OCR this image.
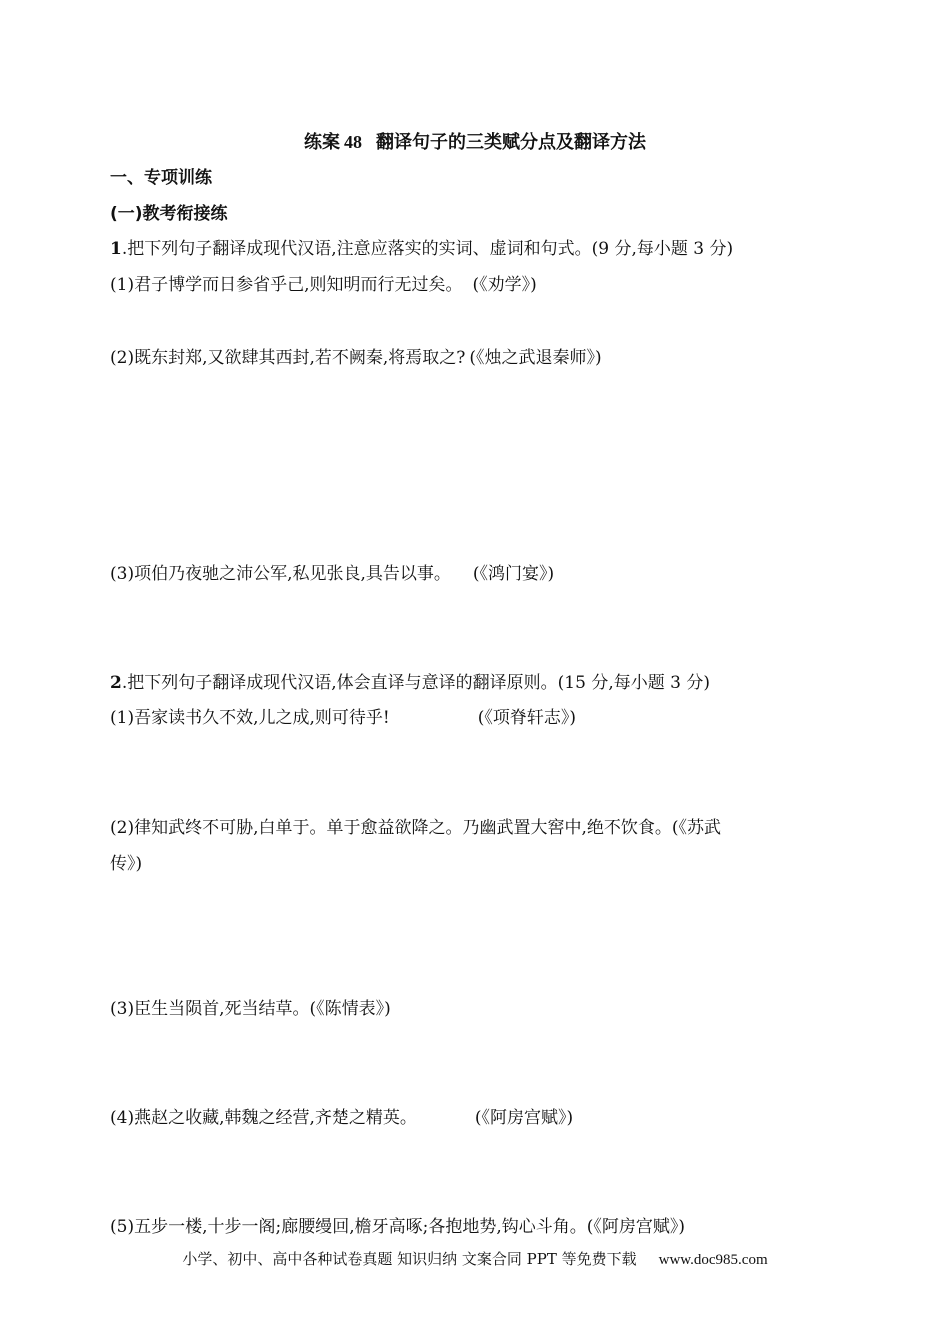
练案 48 翻译句子的三类赋分点及翻译方法
一、专项训练
(一)教考衔接练
1.把下列句子翻译成现代汉语,注意应落实的实词、虚词和句式。(9 分,每小题 3 分)
(1)君子博学而日参省乎己,则知明而行无过矣。 (《劝学》)
(2)既东封郑,又欲肆其西封,若不阙秦,将焉取之? (《烛之武退秦师》)
(3)项伯乃夜驰之沛公军,私见张良,具告以事。 (《鸿门宴》)
2.把下列句子翻译成现代汉语,体会直译与意译的翻译原则。(15 分,每小题 3 分)
(1)吾家读书久不效,儿之成,则可待乎!	(《项脊轩志》)
(2)律知武终不可胁,白单于。单于愈益欲降之。乃幽武置大窖中,绝不饮食。(《苏武
传》)
(3)臣生当陨首,死当结草。(《陈情表》)
(4)燕赵之收藏,韩魏之经营,齐楚之精英。	(《阿房宫赋》)
(5)五步一楼,十步一阁;廊腰缦回,檐牙高啄;各抱地势,钩心斗角。(《阿房宫赋》)
小学、初中、高中各种试卷真题 知识归纳 文案合同 PPT 等免费下载 www.doc985.com
